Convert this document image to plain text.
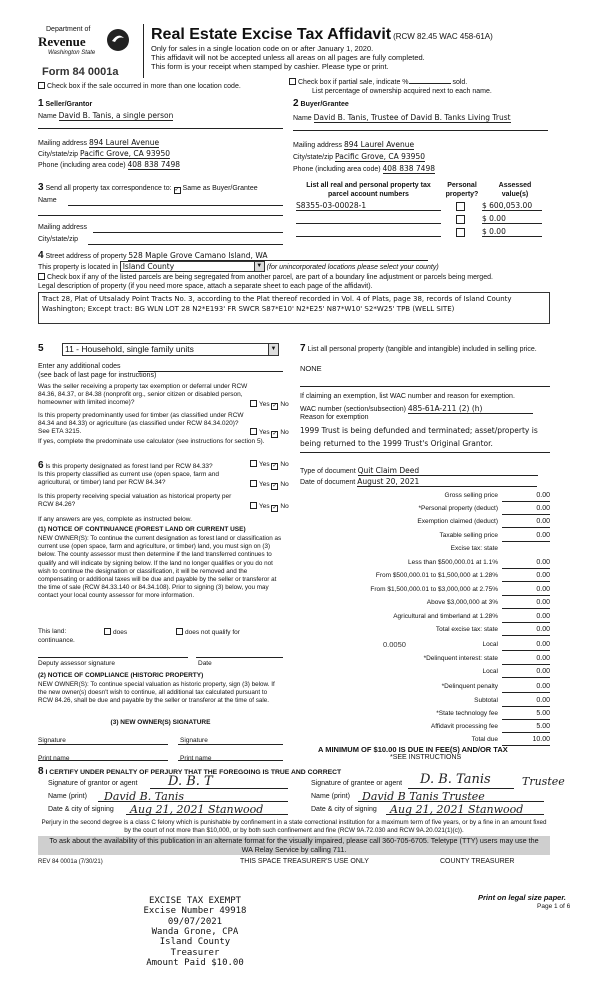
Department of
Revenue
Washington State
Form 84 0001a
Real Estate Excise Tax Affidavit (RCW 82.45 WAC 458-61A)
Only for sales in a single location code on or after January 1, 2020.
This affidavit will not be accepted unless all areas on all pages are fully completed.
This form is your receipt when stamped by cashier. Please type or print.
Check box if the sale occurred in more than one location code.
Check box if partial sale, indicate %	sold.
List percentage of ownership acquired next to each name.
1 Seller/Grantor
Name David B. Tanis, a single person
Mailing address 894 Laurel Avenue
City/state/zip Pacific Grove, CA 93950
Phone (including area code) 408 838 7498
2 Buyer/Grantee
Name David B. Tanis, Trustee of David B. Tanks Living Trust
Mailing address 894 Laurel Avenue
City/state/zip Pacific Grove, CA 93950
Phone (including area code) 408 838 7498
3 Send all property tax correspondence to: ✓ Same as Buyer/Grantee
Name
Mailing address
City/state/zip
List all real and personal property tax parcel account numbers
Personal property?
Assessed value(s)
S8355-03-00028-1	$ 600,053.00
$ 0.00
$ 0.00
4 Street address of property 528 Maple Grove Camano Island, WA
This property is located in Island County	▼ (for unincorporated locations please select your county)
Check box if any of the listed parcels are being segregated from another parcel, are part of a boundary line adjustment or parcels being merged.
Legal description of property (if you need more space, attach a separate sheet to each page of the affidavit).
Tract 28, Plat of Utsalady Point Tracts No. 3, according to the Plat thereof recorded in Vol. 4 of Plats, page 38, records of Island County Washington; Except tract: BG WLN LOT 28 N2*E193' FR SWCR S87*E10' N2*E25' N87*W10' S2*W25' TPB (WELL SITE)
5	11 - Household, single family units	▼
Enter any additional codes
(see back of last page for instructions)
Was the seller receiving a property tax exemption or deferral under RCW 84.36, 84.37, or 84.38 (nonprofit org., senior citizen or disabled person, homeowner with limited income)?	Yes ✓ No
Is this property predominantly used for timber (as classified under RCW 84.34 and 84.33) or agriculture (as classified under RCW 84.34.020)? See ETA 3215.	Yes ✓ No
If yes, complete the predominate use calculator (see instructions for section 5).
6 Is this property designated as forest land per RCW 84.33?	Yes ✓ No
Is this property classified as current use (open space, farm and agricultural, or timber) land per RCW 84.34?	Yes ✓ No
Is this property receiving special valuation as historical property per RCW 84.26?	Yes ✓ No
If any answers are yes, complete as instructed below.
(1) NOTICE OF CONTINUANCE (FOREST LAND OR CURRENT USE)
NEW OWNER(S): To continue the current designation as forest land or classification as current use (open space, farm and agriculture, or timber) land, you must sign on (3) below. The county assessor must then determine if the land transferred continues to qualify and will indicate by signing below. If the land no longer qualifies or you do not wish to continue the designation or classification, it will be removed and the compensating or additional taxes will be due and payable by the seller or transferor at the time of sale (RCW 84.33.140 or 84.34.108). Prior to signing (3) below, you may contact your local county assessor for more information.
This land:	does	does not qualify for
continuance.
Deputy assessor signature	Date
(2) NOTICE OF COMPLIANCE (HISTORIC PROPERTY)
NEW OWNER(S): To continue special valuation as historic property, sign (3) below. If the new owner(s) doesn't wish to continue, all additional tax calculated pursuant to RCW 84.26, shall be due and payable by the seller or transferor at the time of sale.
(3) NEW OWNER(S) SIGNATURE
Signature	Signature
Print name	Print name
7 List all personal property (tangible and intangible) included in selling price.
NONE
If claiming an exemption, list WAC number and reason for exemption.
WAC number (section/subsection) 485-61A-211 (2) (h)
Reason for exemption
1999 Trust is being defunded and terminated; asset/property is being returned to the 1999 Trust's Original Grantor.
Type of document Quit Claim Deed
Date of document August 20, 2021
Gross selling price	0.00
*Personal property (deduct)	0.00
Exemption claimed (deduct)	0.00
Taxable selling price	0.00
Excise tax: state
Less than $500,000.01 at 1.1%	0.00
From $500,000.01 to $1,500,000 at 1.28%	0.00
From $1,500,000.01 to $3,000,000 at 2.75%	0.00
Above $3,000,000 at 3%	0.00
Agricultural and timberland at 1.28%	0.00
Total excise tax: state	0.00
0.0050	Local	0.00
*Delinquent interest: state	0.00
Local	0.00
*Delinquent penalty	0.00
Subtotal	0.00
*State technology fee	5.00
Affidavit processing fee	5.00
Total due	10.00
A MINIMUM OF $10.00 IS DUE IN FEE(S) AND/OR TAX
*SEE INSTRUCTIONS
8 I CERTIFY UNDER PENALTY OF PERJURY THAT THE FOREGOING IS TRUE AND CORRECT
Signature of grantor or agent D. B. T
Name (print) David B. Tanis
Date & city of signing Aug 21, 2021 Stanwood
Signature of grantee or agent D. B. Tanis	Trustee
Name (print) David B Tanis Trustee
Date & city of signing Aug 21, 2021 Stanwood
Perjury in the second degree is a class C felony which is punishable by confinement in a state correctional institution for a maximum term of five years, or by a fine in an amount fixed by the court of not more than $10,000, or by both such confinement and fine (RCW 9A.72.030 and RCW 9A.20.021(1)(c)).
To ask about the availability of this publication in an alternate format for the visually impaired, please call 360-705-6705. Teletype (TTY) users may use the WA Relay Service by calling 711.
REV 84 0001a (7/30/21)	THIS SPACE TREASURER'S USE ONLY	COUNTY TREASURER
Print on legal size paper.
Page 1 of 6
EXCISE TAX EXEMPT
Excise Number 49918
09/07/2021
Wanda Grone, CPA
Island County Treasurer
Amount Paid $10.00
